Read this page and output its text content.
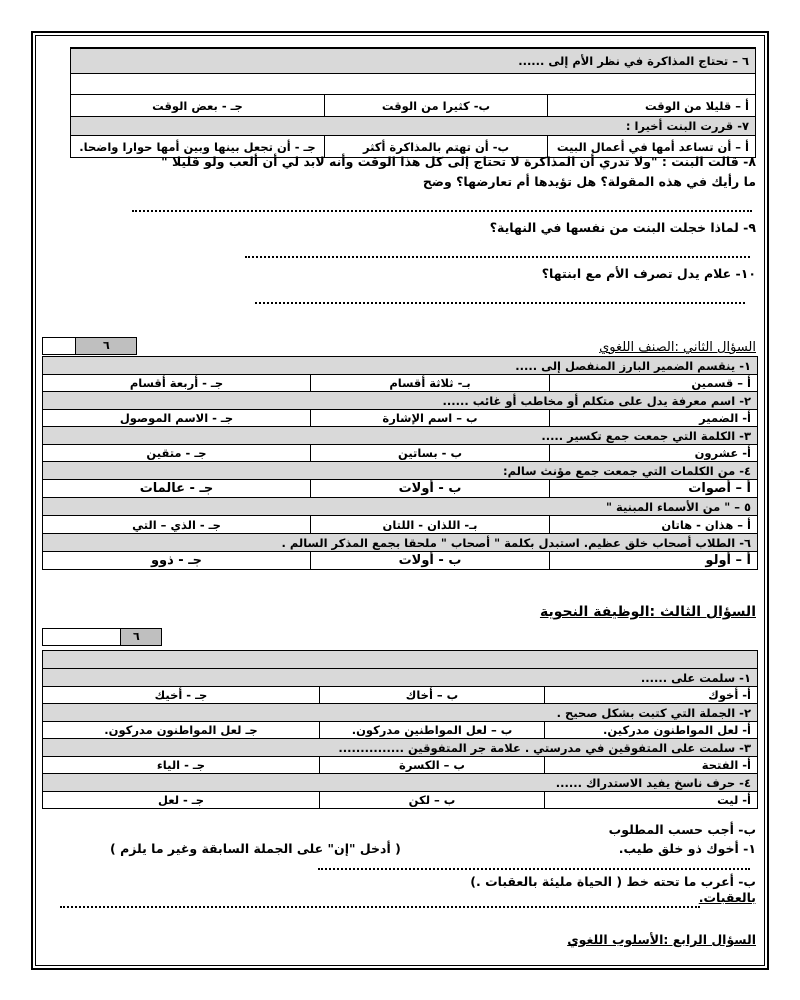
٦ – تحتاج المذاكرة في نظر الأم إلى ......		

أ – قليلا من الوقت	ب- كثيرا من الوقت	جـ - بعض الوقت
٧- قررت البنت أخيرا :		
أ – أن تساعد أمها في أعمال البيت	ب- أن تهتم بالمذاكرة أكثر	جـ - أن تجعل بينها وبين أمها حوارا واضحا.
٨- قالت البنت : "ولا تدري أن المذاكرة لا تحتاج إلى كل هذا الوقت وأنه لابد لي أن ألعب ولو قليلا "
ما رأيك في هذه المقولة؟ هل تؤيدها أم تعارضها؟ وضح
٩- لماذا خجلت البنت من نفسها في النهاية؟
١٠- علام يدل تصرف الأم مع ابنتها؟
السؤال الثاني :الصنف اللغوي
٦
١- ينقسم الضمير البارز المنفصل إلى .....		
أ – قسمين	بـ- ثلاثة أقسام	جـ - أربعة أقسام
٢- اسم معرفة يدل على متكلم أو مخاطب أو غائب ......		
أ- الضمير	ب – اسم الإشارة	جـ - الاسم الموصول
٣- الكلمة التي جمعت جمع تكسير .....		
أ- عشرون	ب - بساتين	جـ - متقين
٤- من الكلمات التي جمعت جمع مؤنث سالم:		
أ – أصوات	ب - أولات	جـ - عالمات
٥ – " من الأسماء المبنية "		
أ – هذان - هاتان	بـ- اللذان - اللتان	جـ - الذي – التي
٦- الطلاب أصحاب خلق عظيم. استبدل بكلمة " أصحاب " ملحقا بجمع المذكر السالم .		
أ – أولو	ب - أولات	جـ - ذوو
السؤال الثالث :الوظيفة النحوية
٦

١- سلمت على ......		
أ- أخوك	ب – أخاك	جـ - أخيك
٢- الجملة التي كتبت بشكل صحيح .		
أ- لعل المواطنون مدركين.	ب – لعل المواطنين مدركون.	جـ لعل المواطنون مدركون.
٣- سلمت على المتفوقين في مدرستي . علامة جر المتفوقين ...............		
أ- الفتحة	ب – الكسرة	جـ - الياء
٤- حرف ناسخ يفيد الاستدراك ......		
أ- ليت	ب – لكن	جـ - لعل
ب- أجب حسب المطلوب
١- أخوك ذو خلق طيب.
( أدخل "إن" على الجملة السابقة وغير ما يلزم )
ب- أعرب ما تحته خط ( الحياة مليئة بالعقبات .)
بالعقبات.
السؤال الرابع :الأسلوب اللغوي
